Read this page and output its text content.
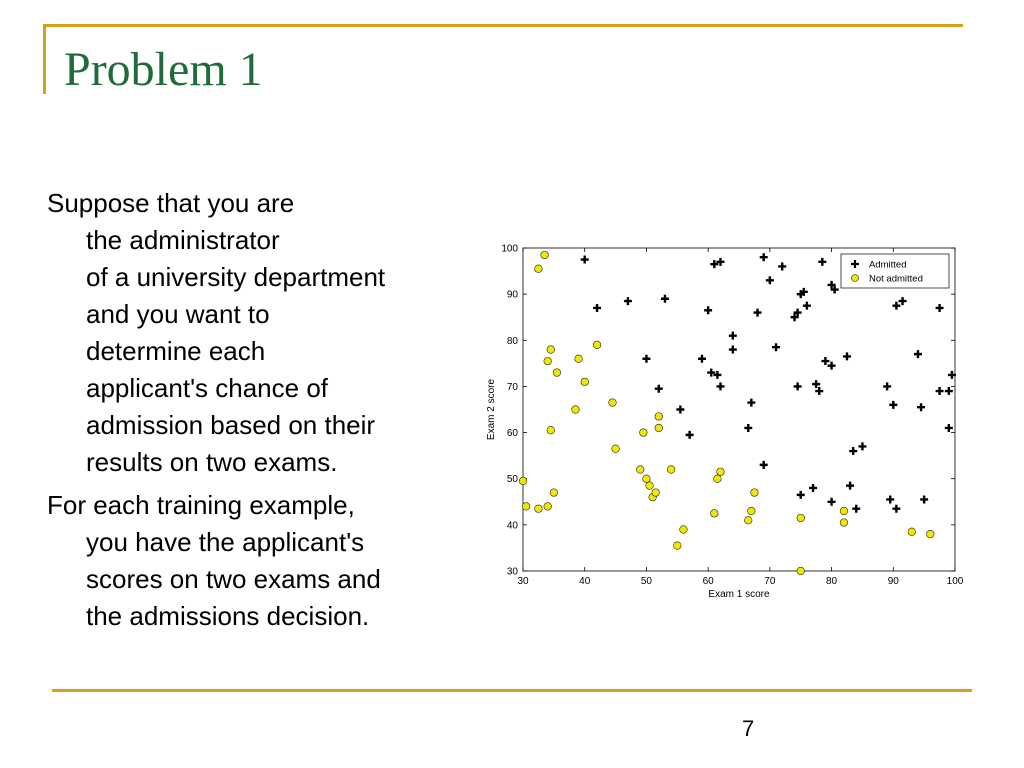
Problem 1
Suppose that you are
the administrator
of a university department
and you want to
determine each
applicant's chance of
admission based on their
results on two exams.
For each training example,
you have the applicant's
scores on two exams and
the admissions decision.
30	40	50	60	70	80	90	100
30
40
50
60
70
80
90
100
Exam 1 score
Exam 2 score
Admitted
Not admitted
7
